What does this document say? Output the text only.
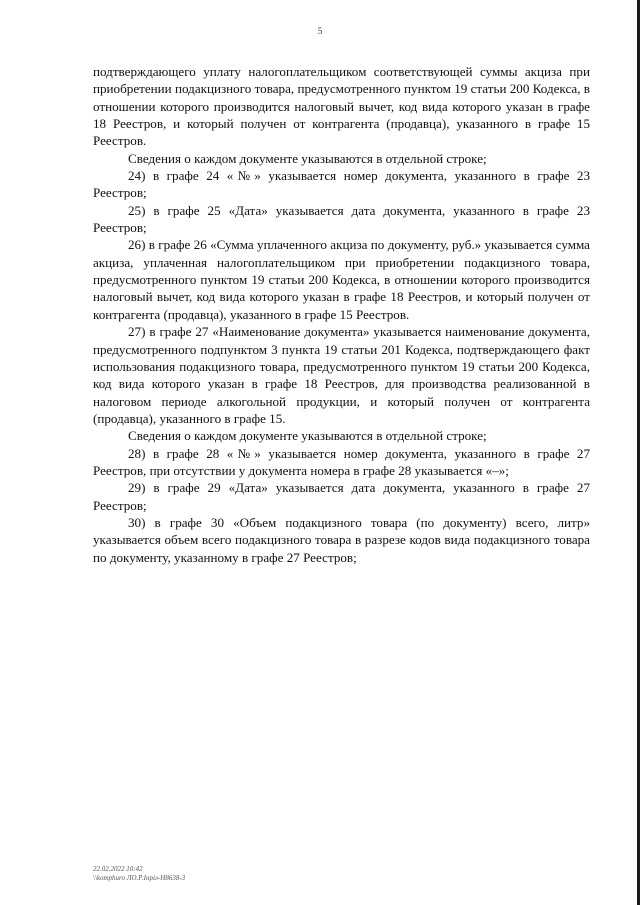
5

подтверждающего уплату налогоплательщиком соответствующей суммы акциза при приобретении подакцизного товара, предусмотренного пунктом 19 статьи 200 Кодекса, в отношении которого производится налоговый вычет, код вида которого указан в графе 18 Реестров, и который получен от контрагента (продавца), указанного в графе 15 Реестров.

Сведения о каждом документе указываются в отдельной строке;

24) в графе 24 «№» указывается номер документа, указанного в графе 23 Реестров;

25) в графе 25 «Дата» указывается дата документа, указанного в графе 23 Реестров;

26) в графе 26 «Сумма уплаченного акциза по документу, руб.» указывается сумма акциза, уплаченная налогоплательщиком при приобретении подакцизного товара, предусмотренного пунктом 19 статьи 200 Кодекса, в отношении которого производится налоговый вычет, код вида которого указан в графе 18 Реестров, и который получен от контрагента (продавца), указанного в графе 15 Реестров.

27) в графе 27 «Наименование документа» указывается наименование документа, предусмотренного подпунктом 3 пункта 19 статьи 201 Кодекса, подтверждающего факт использования подакцизного товара, предусмотренного пунктом 19 статьи 200 Кодекса, код вида которого указан в графе 18 Реестров, для производства реализованной в налоговом периоде алкогольной продукции, и который получен от контрагента (продавца), указанного в графе 15.

Сведения о каждом документе указываются в отдельной строке;

28) в графе 28 «№» указывается номер документа, указанного в графе 27 Реестров, при отсутствии у документа номера в графе 28 указывается «–»;

29) в графе 29 «Дата» указывается дата документа, указанного в графе 27 Реестров;

30) в графе 30 «Объем подакцизного товара (по документу) всего, литр» указывается объем всего подакцизного товара в разрезе кодов вида подакцизного товара по документу, указанному в графе 27 Реестров;

22.02.2022 10:42
\\komphuro ЛО.Р.Інріл-Н8638-3
